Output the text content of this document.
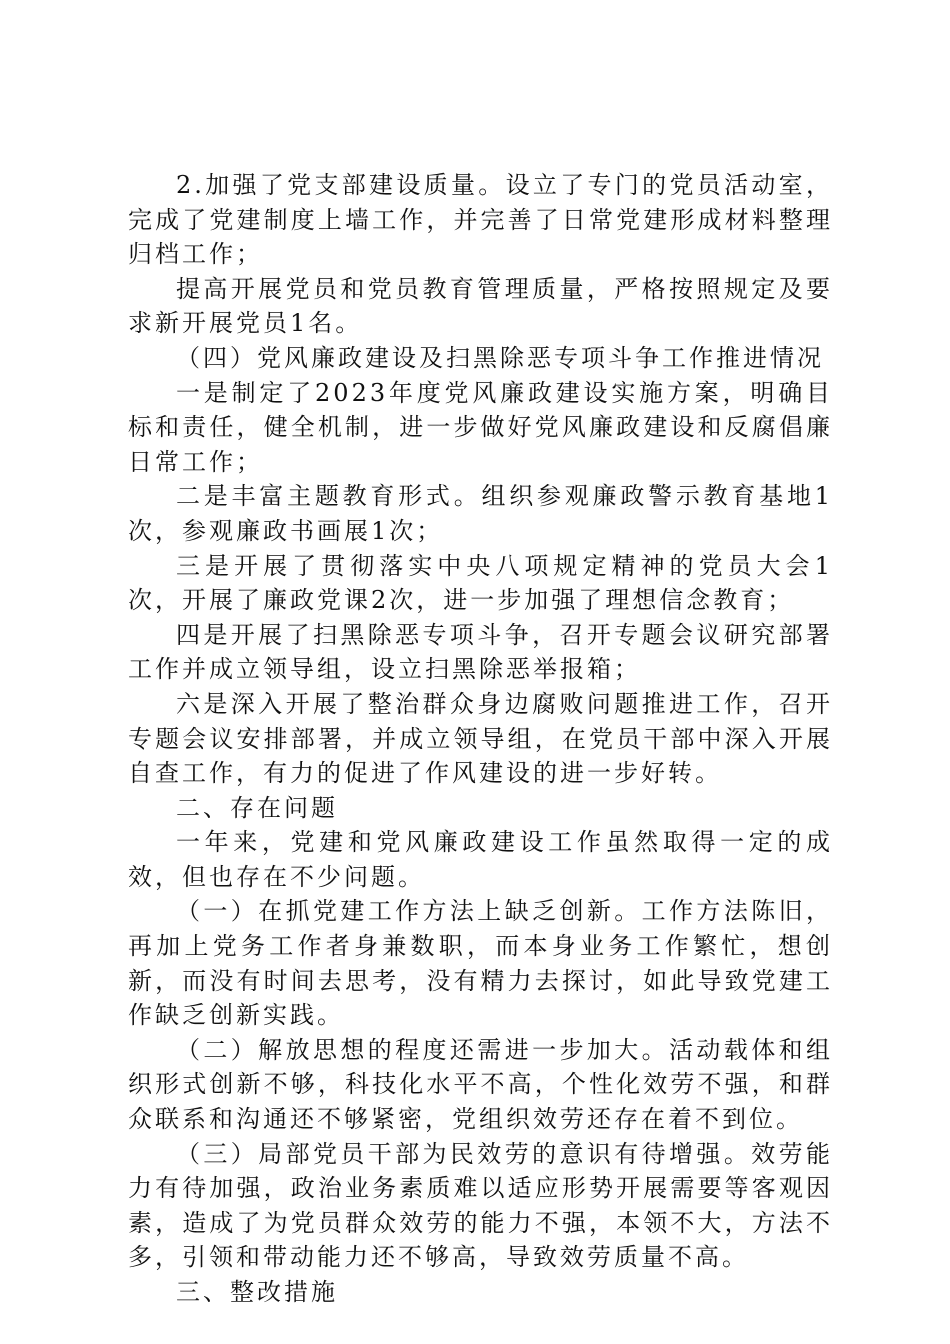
2.加强了党支部建设质量。设立了专门的党员活动室，完成了党建制度上墙工作，并完善了日常党建形成材料整理归档工作；

提高开展党员和党员教育管理质量，严格按照规定及要求新开展党员1名。

（四）党风廉政建设及扫黑除恶专项斗争工作推进情况

一是制定了2023年度党风廉政建设实施方案，明确目标和责任，健全机制，进一步做好党风廉政建设和反腐倡廉日常工作；

二是丰富主题教育形式。组织参观廉政警示教育基地1次，参观廉政书画展1次；

三是开展了贯彻落实中央八项规定精神的党员大会1次，开展了廉政党课2次，进一步加强了理想信念教育；

四是开展了扫黑除恶专项斗争，召开专题会议研究部署工作并成立领导组，设立扫黑除恶举报箱；

六是深入开展了整治群众身边腐败问题推进工作，召开专题会议安排部署，并成立领导组，在党员干部中深入开展自查工作，有力的促进了作风建设的进一步好转。

二、存在问题

一年来，党建和党风廉政建设工作虽然取得一定的成效，但也存在不少问题。

（一）在抓党建工作方法上缺乏创新。工作方法陈旧，再加上党务工作者身兼数职，而本身业务工作繁忙，想创新，而没有时间去思考，没有精力去探讨，如此导致党建工作缺乏创新实践。

（二）解放思想的程度还需进一步加大。活动载体和组织形式创新不够，科技化水平不高，个性化效劳不强，和群众联系和沟通还不够紧密，党组织效劳还存在着不到位。

（三）局部党员干部为民效劳的意识有待增强。效劳能力有待加强，政治业务素质难以适应形势开展需要等客观因素，造成了为党员群众效劳的能力不强，本领不大，方法不多，引领和带动能力还不够高，导致效劳质量不高。

三、整改措施
